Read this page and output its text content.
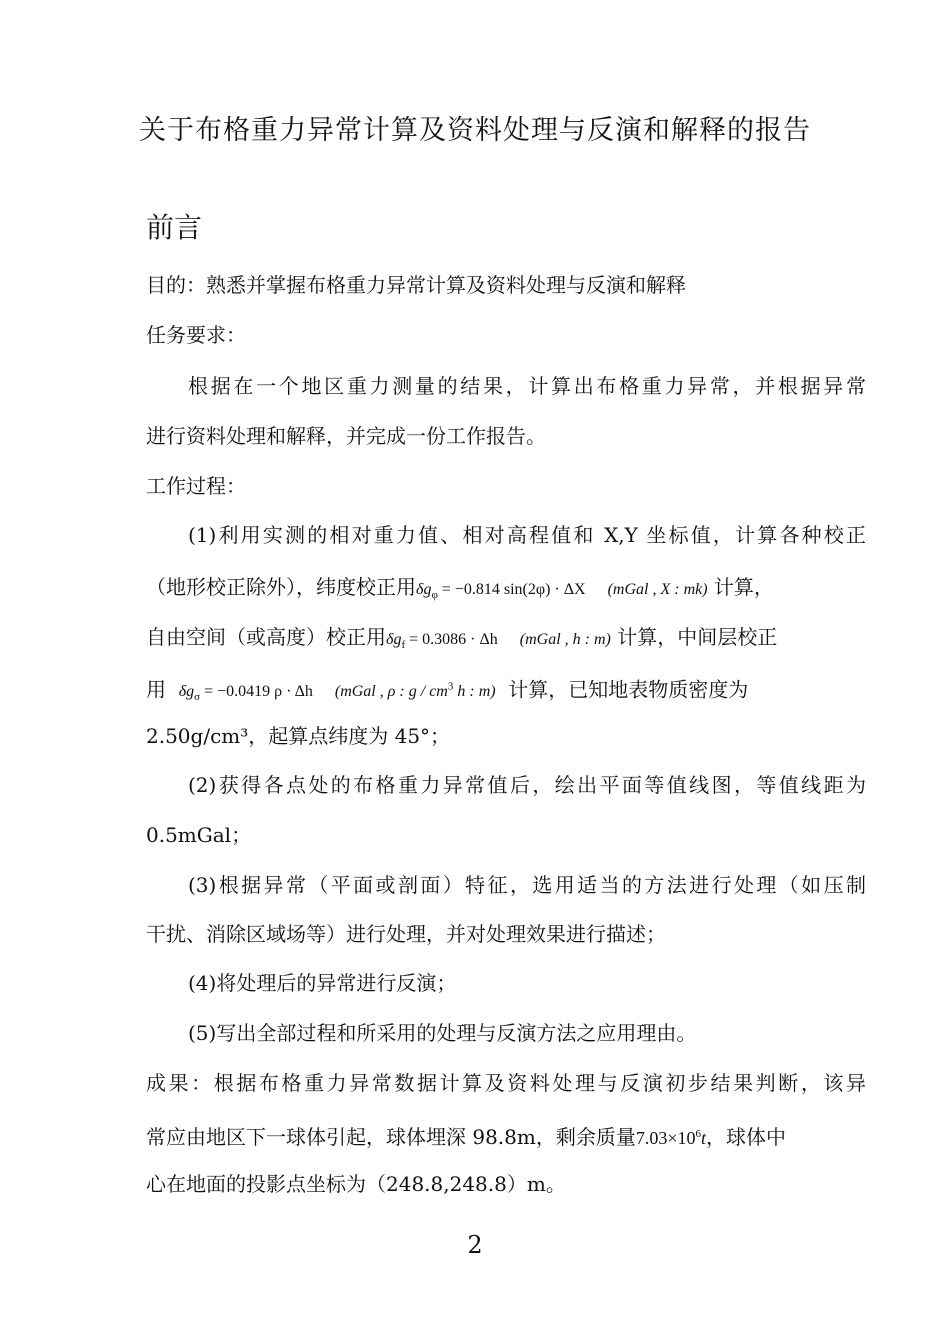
关于布格重力异常计算及资料处理与反演和解释的报告
前言
目的：熟悉并掌握布格重力异常计算及资料处理与反演和解释
任务要求：
根据在一个地区重力测量的结果，计算出布格重力异常，并根据异常
进行资料处理和解释，并完成一份工作报告。
工作过程：
(1)利用实测的相对重力值、相对高程值和 X,Y 坐标值，计算各种校正
（地形校正除外），纬度校正用$\delta g_\varphi = -0.814$ sin(2φ) · ΔX (mGal , X : mk) 计算，
自由空间（或高度）校正用$\delta g_f = 0.3086 \cdot \Delta h$ (mGal , h : m) 计算，中间层校正
用 $\delta g_\sigma = -0.0419$ ρ · Δh (mGal , ρ : g / $cm^3$ h : m) 计算，已知地表物质密度为
2.50g/cm³，起算点纬度为 45°；
(2)获得各点处的布格重力异常值后，绘出平面等值线图，等值线距为
0.5mGal；
(3)根据异常（平面或剖面）特征，选用适当的方法进行处理（如压制
干扰、消除区域场等）进行处理，并对处理效果进行描述；
(4)将处理后的异常进行反演；
(5)写出全部过程和所采用的处理与反演方法之应用理由。
成果：根据布格重力异常数据计算及资料处理与反演初步结果判断，该异
常应由地区下一球体引起，球体埋深 98.8m，剩余质量$7.03\times 10^6t$，球体中
心在地面的投影点坐标为（248.8,248.8）m。
2
